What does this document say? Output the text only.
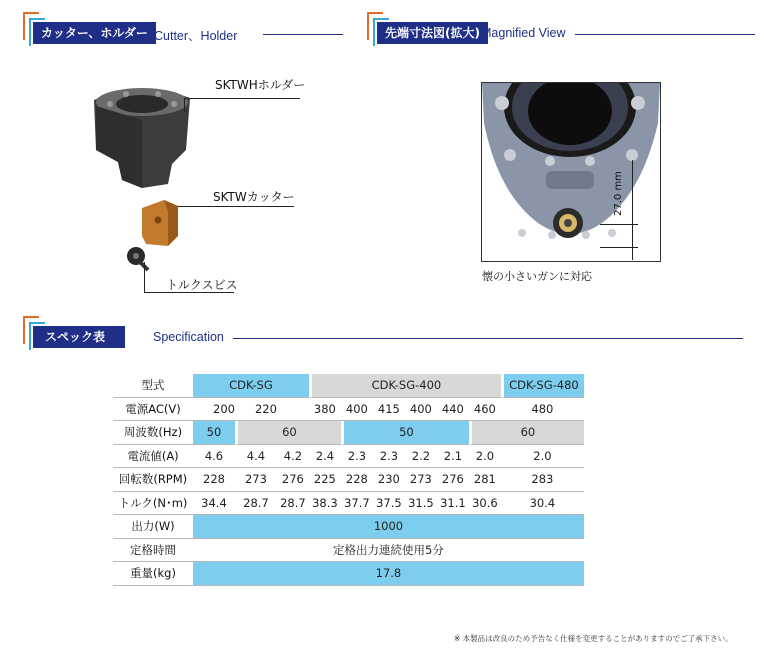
カッター、ホルダー Cutter、Holder	先端寸法図(拡大) Magnified View
SKTWHホルダー
SKTWカッター
トルクスビス
27.0 mm
懐の小さいガンに対応
スペック表	Specification
型式	CDK-SG			CDK-SG-400						CDK-SG-480
電源AC(V)	200	220		380	400	415	400	440	460	480
周波数(Hz)	50	60			50				60	
電流値(A)	4.6	4.4	4.2	2.4	2.3	2.3	2.2	2.1	2.0	2.0
回転数(RPM)	228	273	276	225	228	230	273	276	281	283
トルク(N･m)	34.4	28.7	28.7	38.3	37.7	37.5	31.5	31.1	30.6	30.4
出力(W)	1000									
定格時間	定格出力連続使用5分									
重量(kg)	17.8									
※ 本製品は改良のため予告なく仕様を変更することがありますのでご了承下さい。
